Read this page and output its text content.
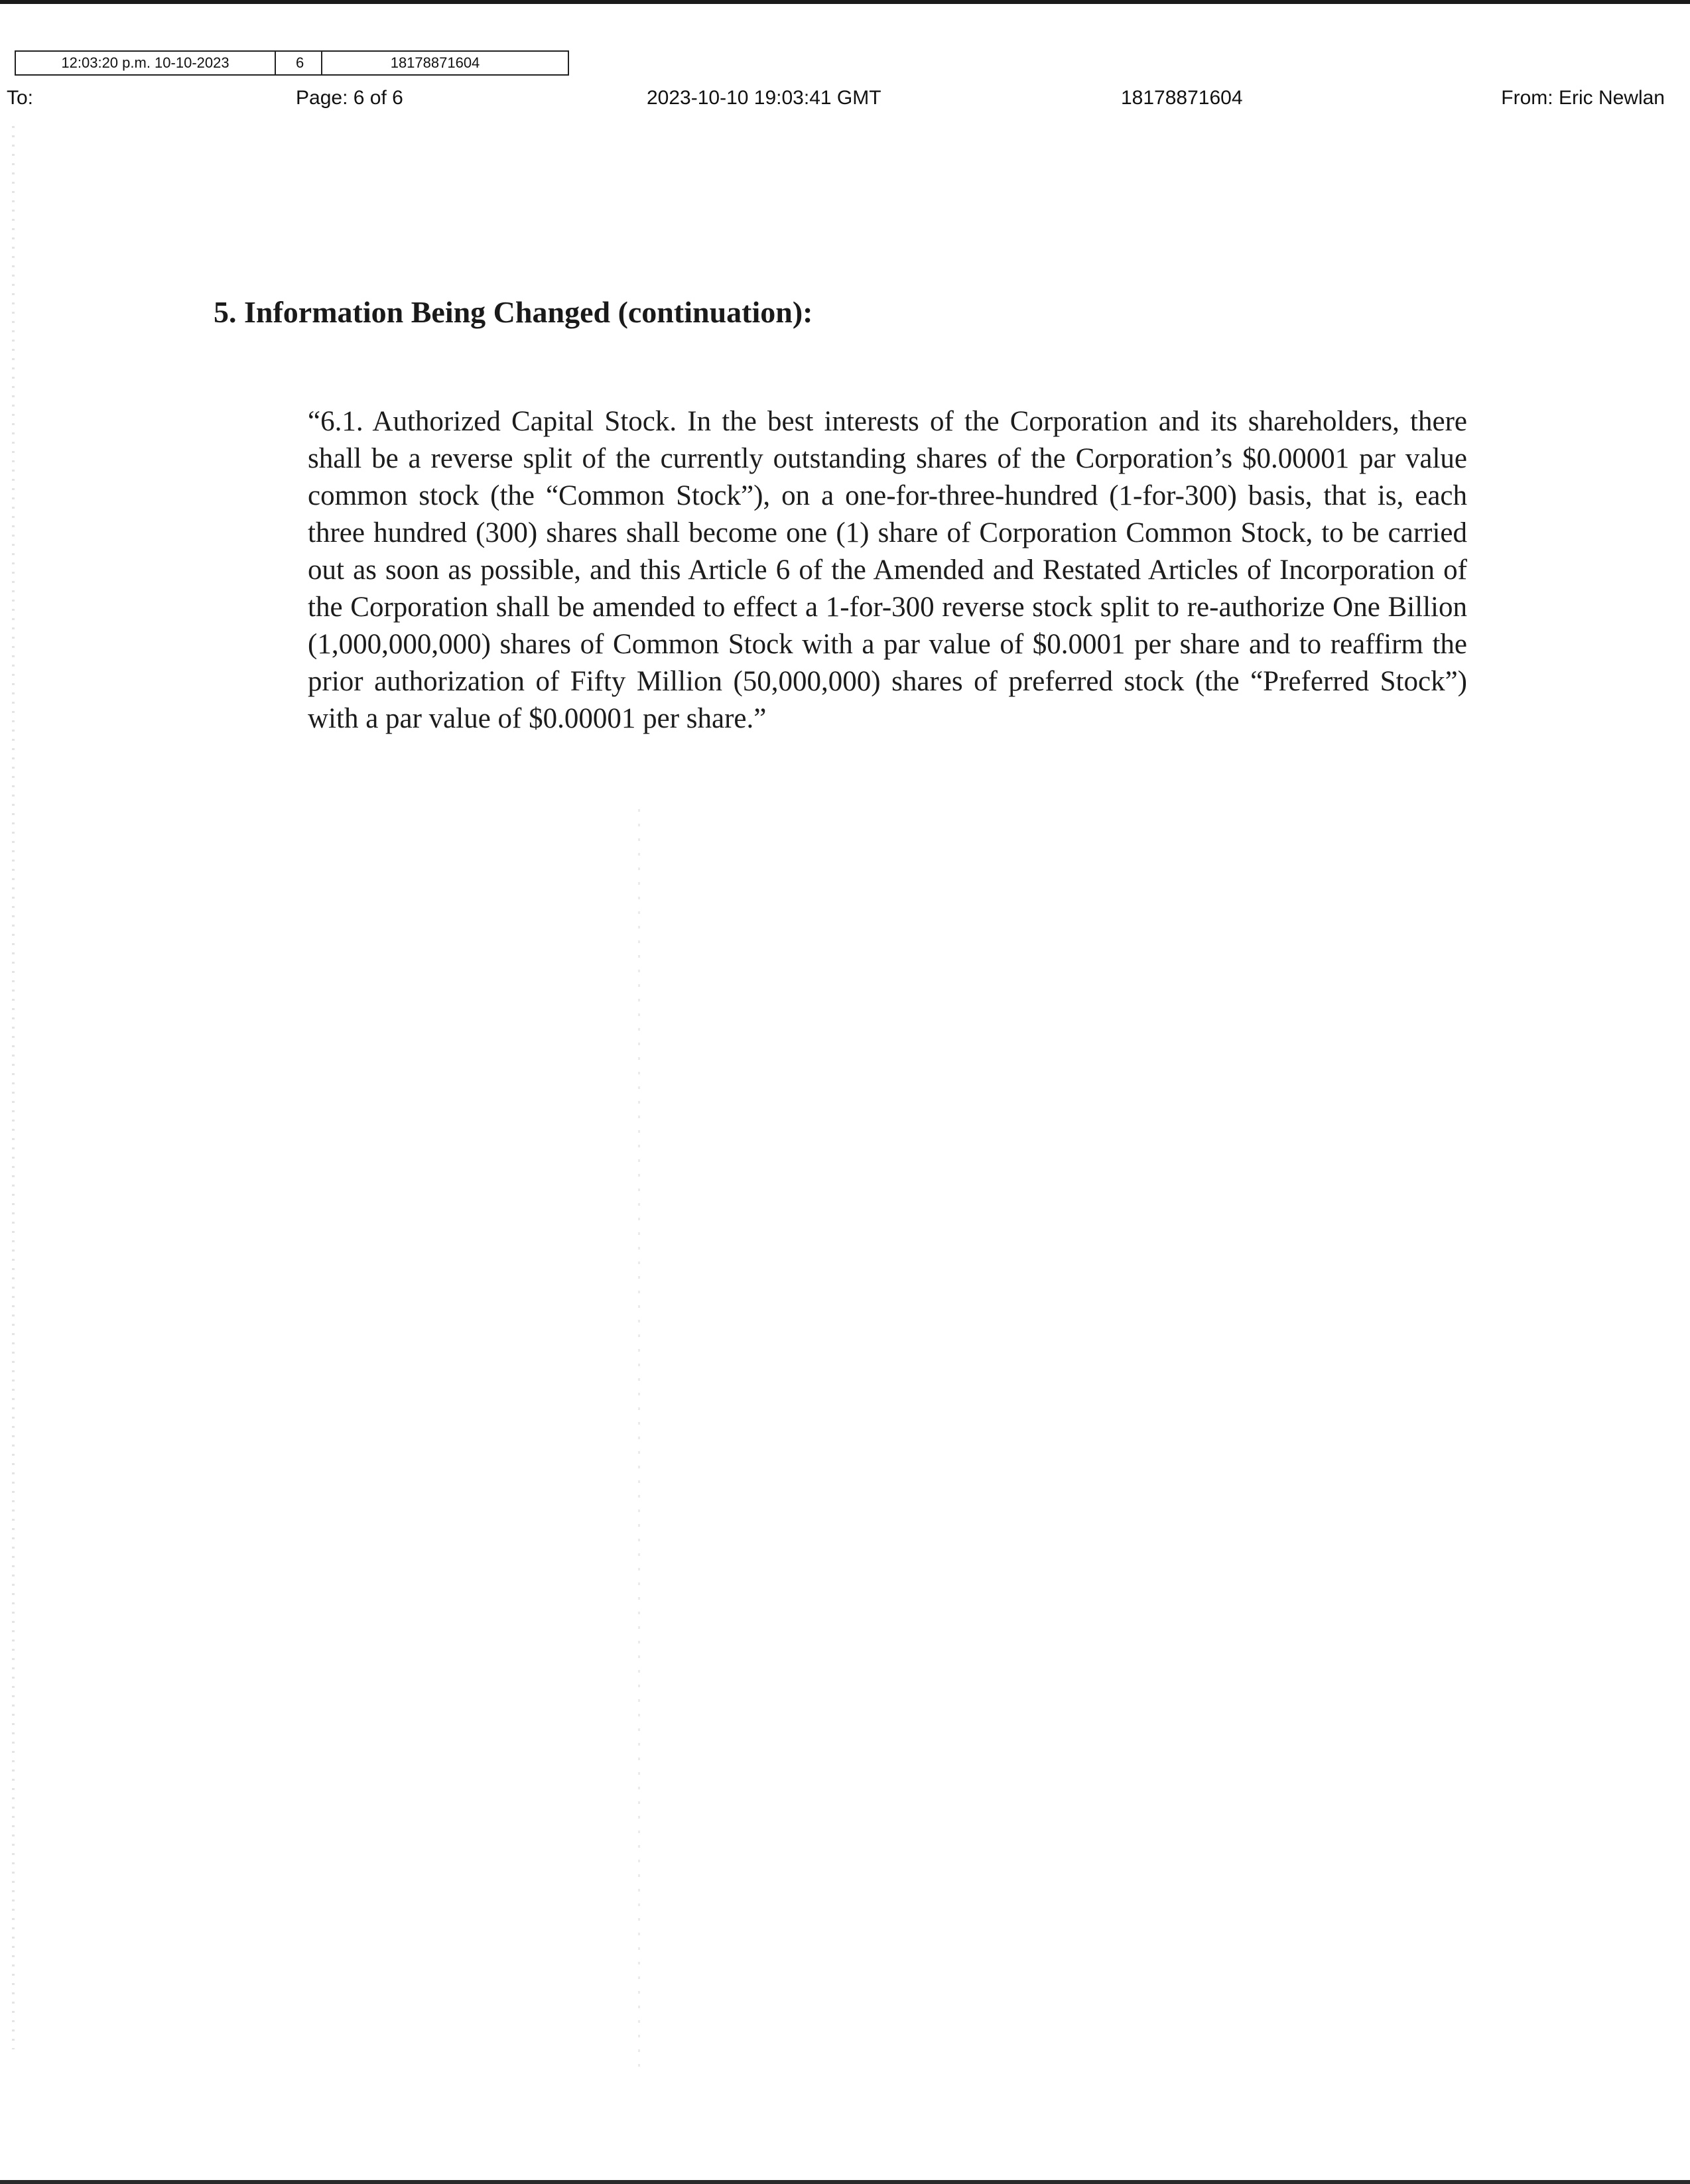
12:03:20 p.m. 10-10-2023	6	18178871604
To:	Page: 6 of 6	2023-10-10 19:03:41 GMT	18178871604	From: Eric Newlan
5. Information Being Changed (continuation):

“6.1. Authorized Capital Stock. In the best interests of the Corporation and its shareholders, there shall be a reverse split of the currently outstanding shares of the Corporation’s $0.00001 par value common stock (the “Common Stock”), on a one-for-three-hundred (1-for-300) basis, that is, each three hundred (300) shares shall become one (1) share of Corporation Common Stock, to be carried out as soon as possible, and this Article 6 of the Amended and Restated Articles of Incorporation of the Corporation shall be amended to effect a 1-for-300 reverse stock split to re-authorize One Billion (1,000,000,000) shares of Common Stock with a par value of $0.0001 per share and to reaffirm the prior authorization of Fifty Million (50,000,000) shares of preferred stock (the “Preferred Stock”) with a par value of $0.00001 per share.”
